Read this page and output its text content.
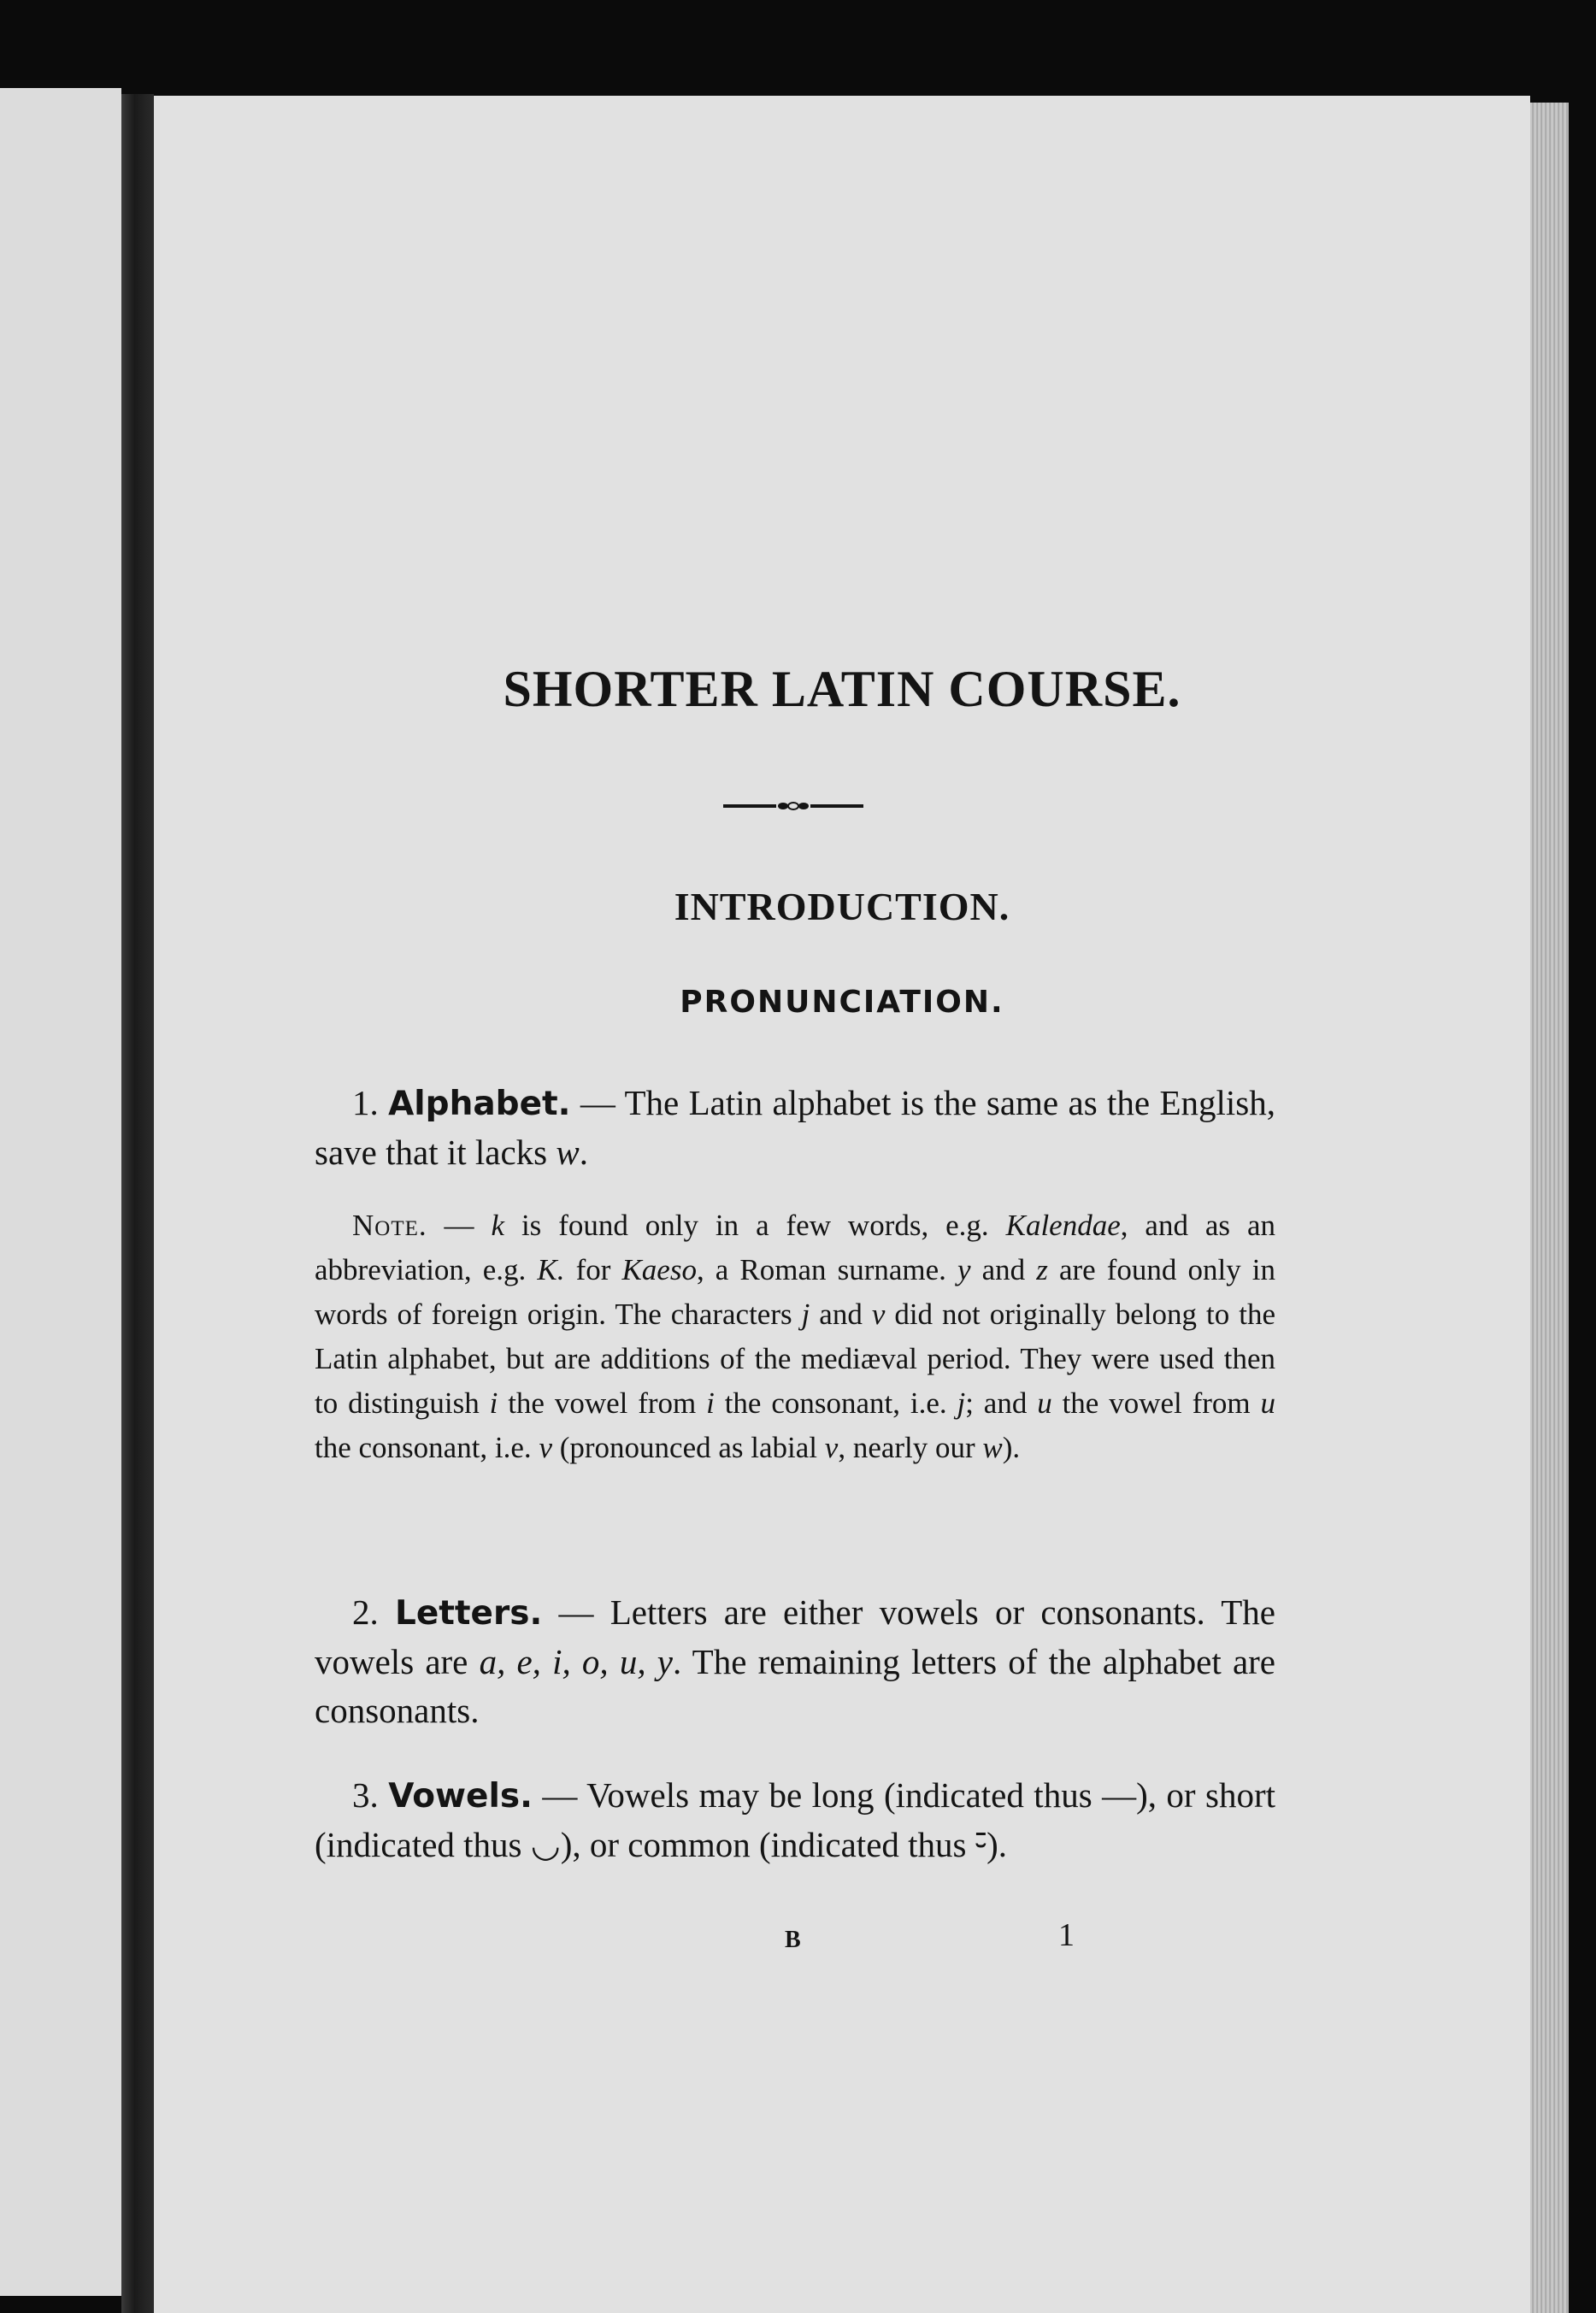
SHORTER LATIN COURSE.
INTRODUCTION.
PRONUNCIATION.

1. Alphabet. — The Latin alphabet is the same as the English, save that it lacks w.

Note. — k is found only in a few words, e.g. Kalendae, and as an abbreviation, e.g. K. for Kaeso, a Roman surname. y and z are found only in words of foreign origin. The characters j and v did not originally belong to the Latin alphabet, but are additions of the mediæval period. They were used then to distinguish i the vowel from i the consonant, i.e. j; and u the vowel from u the consonant, i.e. v (pronounced as labial v, nearly our w).

2. Letters. — Letters are either vowels or consonants. The vowels are a, e, i, o, u, y. The remaining letters of the alphabet are consonants.

3. Vowels. — Vowels may be long (indicated thus —), or short (indicated thus ◡), or common (indicated thus ⏑̄).

B	1
